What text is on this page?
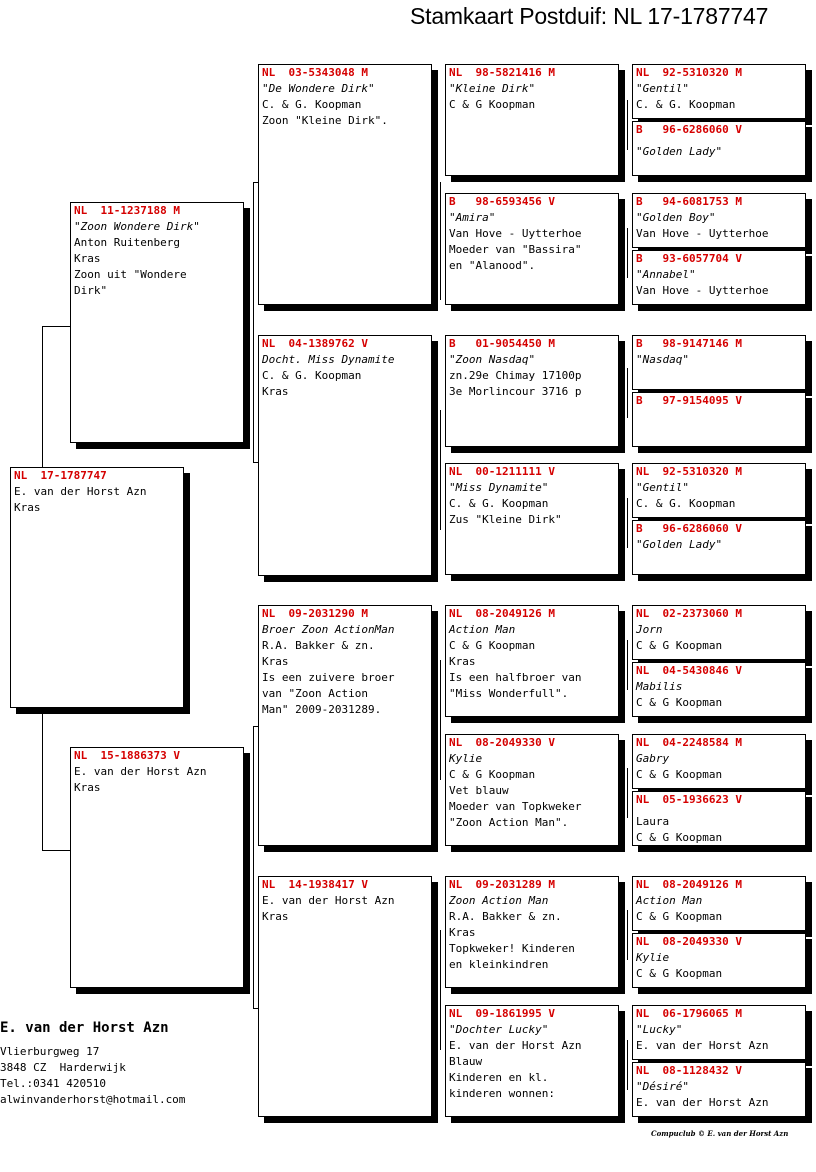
Stamkaart Postduif: NL 17-1787747
NL  17-1787747
E. van der Horst Azn
Kras
NL  11-1237188 M
"Zoon Wondere Dirk"
Anton Ruitenberg
Kras
Zoon uit "Wondere
Dirk"
NL  15-1886373 V
E. van der Horst Azn
Kras
NL  03-5343048 M
"De Wondere Dirk"
C. & G. Koopman
Zoon "Kleine Dirk".
NL  04-1389762 V
Docht. Miss Dynamite
C. & G. Koopman
Kras
NL  09-2031290 M
Broer Zoon ActionMan
R.A. Bakker & zn.
Kras
Is een zuivere broer
van "Zoon Action
Man" 2009-2031289.
NL  14-1938417 V
E. van der Horst Azn
Kras
NL  98-5821416 M
"Kleine Dirk"
C & G Koopman
B   98-6593456 V
"Amira"
Van Hove - Uytterhoe
Moeder van "Bassira"
en "Alanood".
B   01-9054450 M
"Zoon Nasdaq"
zn.29e Chimay 17100p
3e Morlincour 3716 p
NL  00-1211111 V
"Miss Dynamite"
C. & G. Koopman
Zus "Kleine Dirk"
NL  08-2049126 M
Action Man
C & G Koopman
Kras
Is een halfbroer van
"Miss Wonderfull".
NL  08-2049330 V
Kylie
C & G Koopman
Vet blauw
Moeder van Topkweker
"Zoon Action Man".
NL  09-2031289 M
Zoon Action Man
R.A. Bakker & zn.
Kras
Topkweker! Kinderen
en kleinkindren
NL  09-1861995 V
"Dochter Lucky"
E. van der Horst Azn
Blauw
Kinderen en kl.
kinderen wonnen:
NL  92-5310320 M
"Gentil"
C. & G. Koopman
B   96-6286060 V
"Golden Lady"
B   94-6081753 M
"Golden Boy"
Van Hove - Uytterhoe
B   93-6057704 V
"Annabel"
Van Hove - Uytterhoe
B   98-9147146 M
"Nasdaq"
B   97-9154095 V
NL  92-5310320 M
"Gentil"
C. & G. Koopman
B   96-6286060 V
"Golden Lady"
NL  02-2373060 M
Jorn
C & G Koopman
NL  04-5430846 V
Mabilis
C & G Koopman
NL  04-2248584 M
Gabry
C & G Koopman
NL  05-1936623 V
Laura
C & G Koopman
NL  08-2049126 M
Action Man
C & G Koopman
NL  08-2049330 V
Kylie
C & G Koopman
NL  06-1796065 M
"Lucky"
E. van der Horst Azn
NL  08-1128432 V
"Désiré"
E. van der Horst Azn
E. van der Horst Azn
Vlierburgweg 17
3848 CZ  Harderwijk
Tel.:0341 420510
alwinvanderhorst@hotmail.com
Compuclub © E. van der Horst Azn
